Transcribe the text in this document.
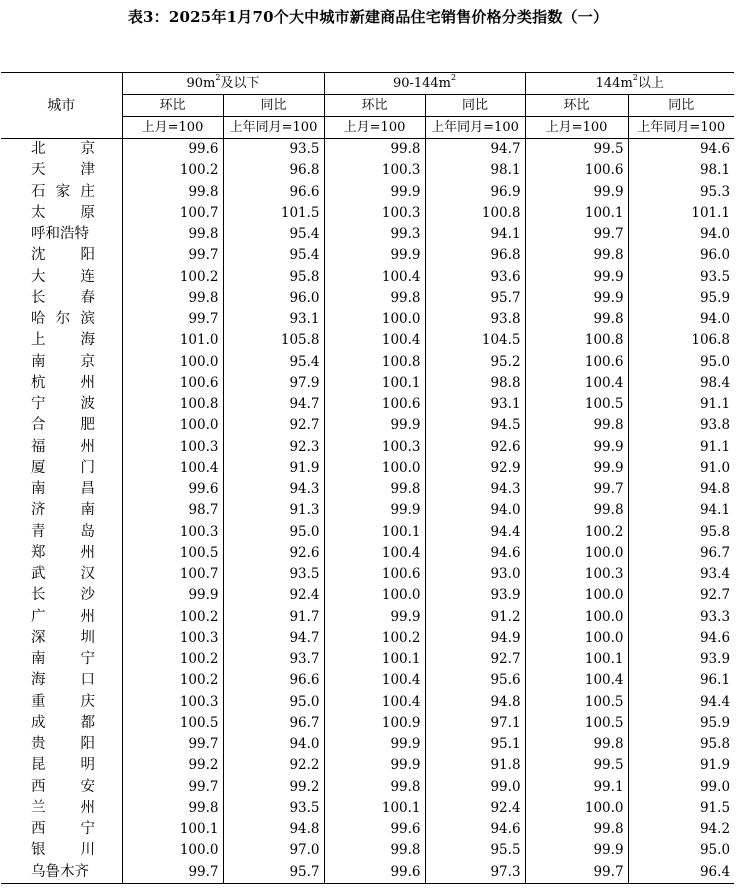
表3：2025年1月70个大中城市新建商品住宅销售价格分类指数（一）
城市	$90m^2$及以下		$90-144m^2$		$144m^2$以上	
	环比	同比	环比	同比	环比	同比
	上月=100	上年同月=100	上月=100	上年同月=100	上月=100	上年同月=100

北京	99.6	93.5	99.8	94.7	99.5	94.6

天津	100.2	96.8	100.3	98.1	100.6	98.1

石家庄	99.8	96.6	99.9	96.9	99.9	95.3

太原	100.7	101.5	100.3	100.8	100.1	101.1

呼和浩特	99.8	95.4	99.3	94.1	99.7	94.0

沈阳	99.7	95.4	99.9	96.8	99.8	96.0

大连	100.2	95.8	100.4	93.6	99.9	93.5

长春	99.8	96.0	99.8	95.7	99.9	95.9

哈尔滨	99.7	93.1	100.0	93.8	99.8	94.0

上海	101.0	105.8	100.4	104.5	100.8	106.8

南京	100.0	95.4	100.8	95.2	100.6	95.0

杭州	100.6	97.9	100.1	98.8	100.4	98.4

宁波	100.8	94.7	100.6	93.1	100.5	91.1

合肥	100.0	92.7	99.9	94.5	99.8	93.8

福州	100.3	92.3	100.3	92.6	99.9	91.1

厦门	100.4	91.9	100.0	92.9	99.9	91.0

南昌	99.6	94.3	99.8	94.3	99.7	94.8

济南	98.7	91.3	99.9	94.0	99.8	94.1

青岛	100.3	95.0	100.1	94.4	100.2	95.8

郑州	100.5	92.6	100.4	94.6	100.0	96.7

武汉	100.7	93.5	100.6	93.0	100.3	93.4

长沙	99.9	92.4	100.0	93.9	100.0	92.7

广州	100.2	91.7	99.9	91.2	100.0	93.3

深圳	100.3	94.7	100.2	94.9	100.0	94.6

南宁	100.2	93.7	100.1	92.7	100.1	93.9

海口	100.2	96.6	100.4	95.6	100.4	96.1

重庆	100.3	95.0	100.4	94.8	100.5	94.4

成都	100.5	96.7	100.9	97.1	100.5	95.9

贵阳	99.7	94.0	99.9	95.1	99.8	95.8

昆明	99.2	92.2	99.9	91.8	99.5	91.9

西安	99.7	99.2	99.8	99.0	99.1	99.0

兰州	99.8	93.5	100.1	92.4	100.0	91.5

西宁	100.1	94.8	99.6	94.6	99.8	94.2

银川	100.0	97.0	99.8	95.5	99.9	95.0

乌鲁木齐	99.7	95.7	99.6	97.3	99.7	96.4
